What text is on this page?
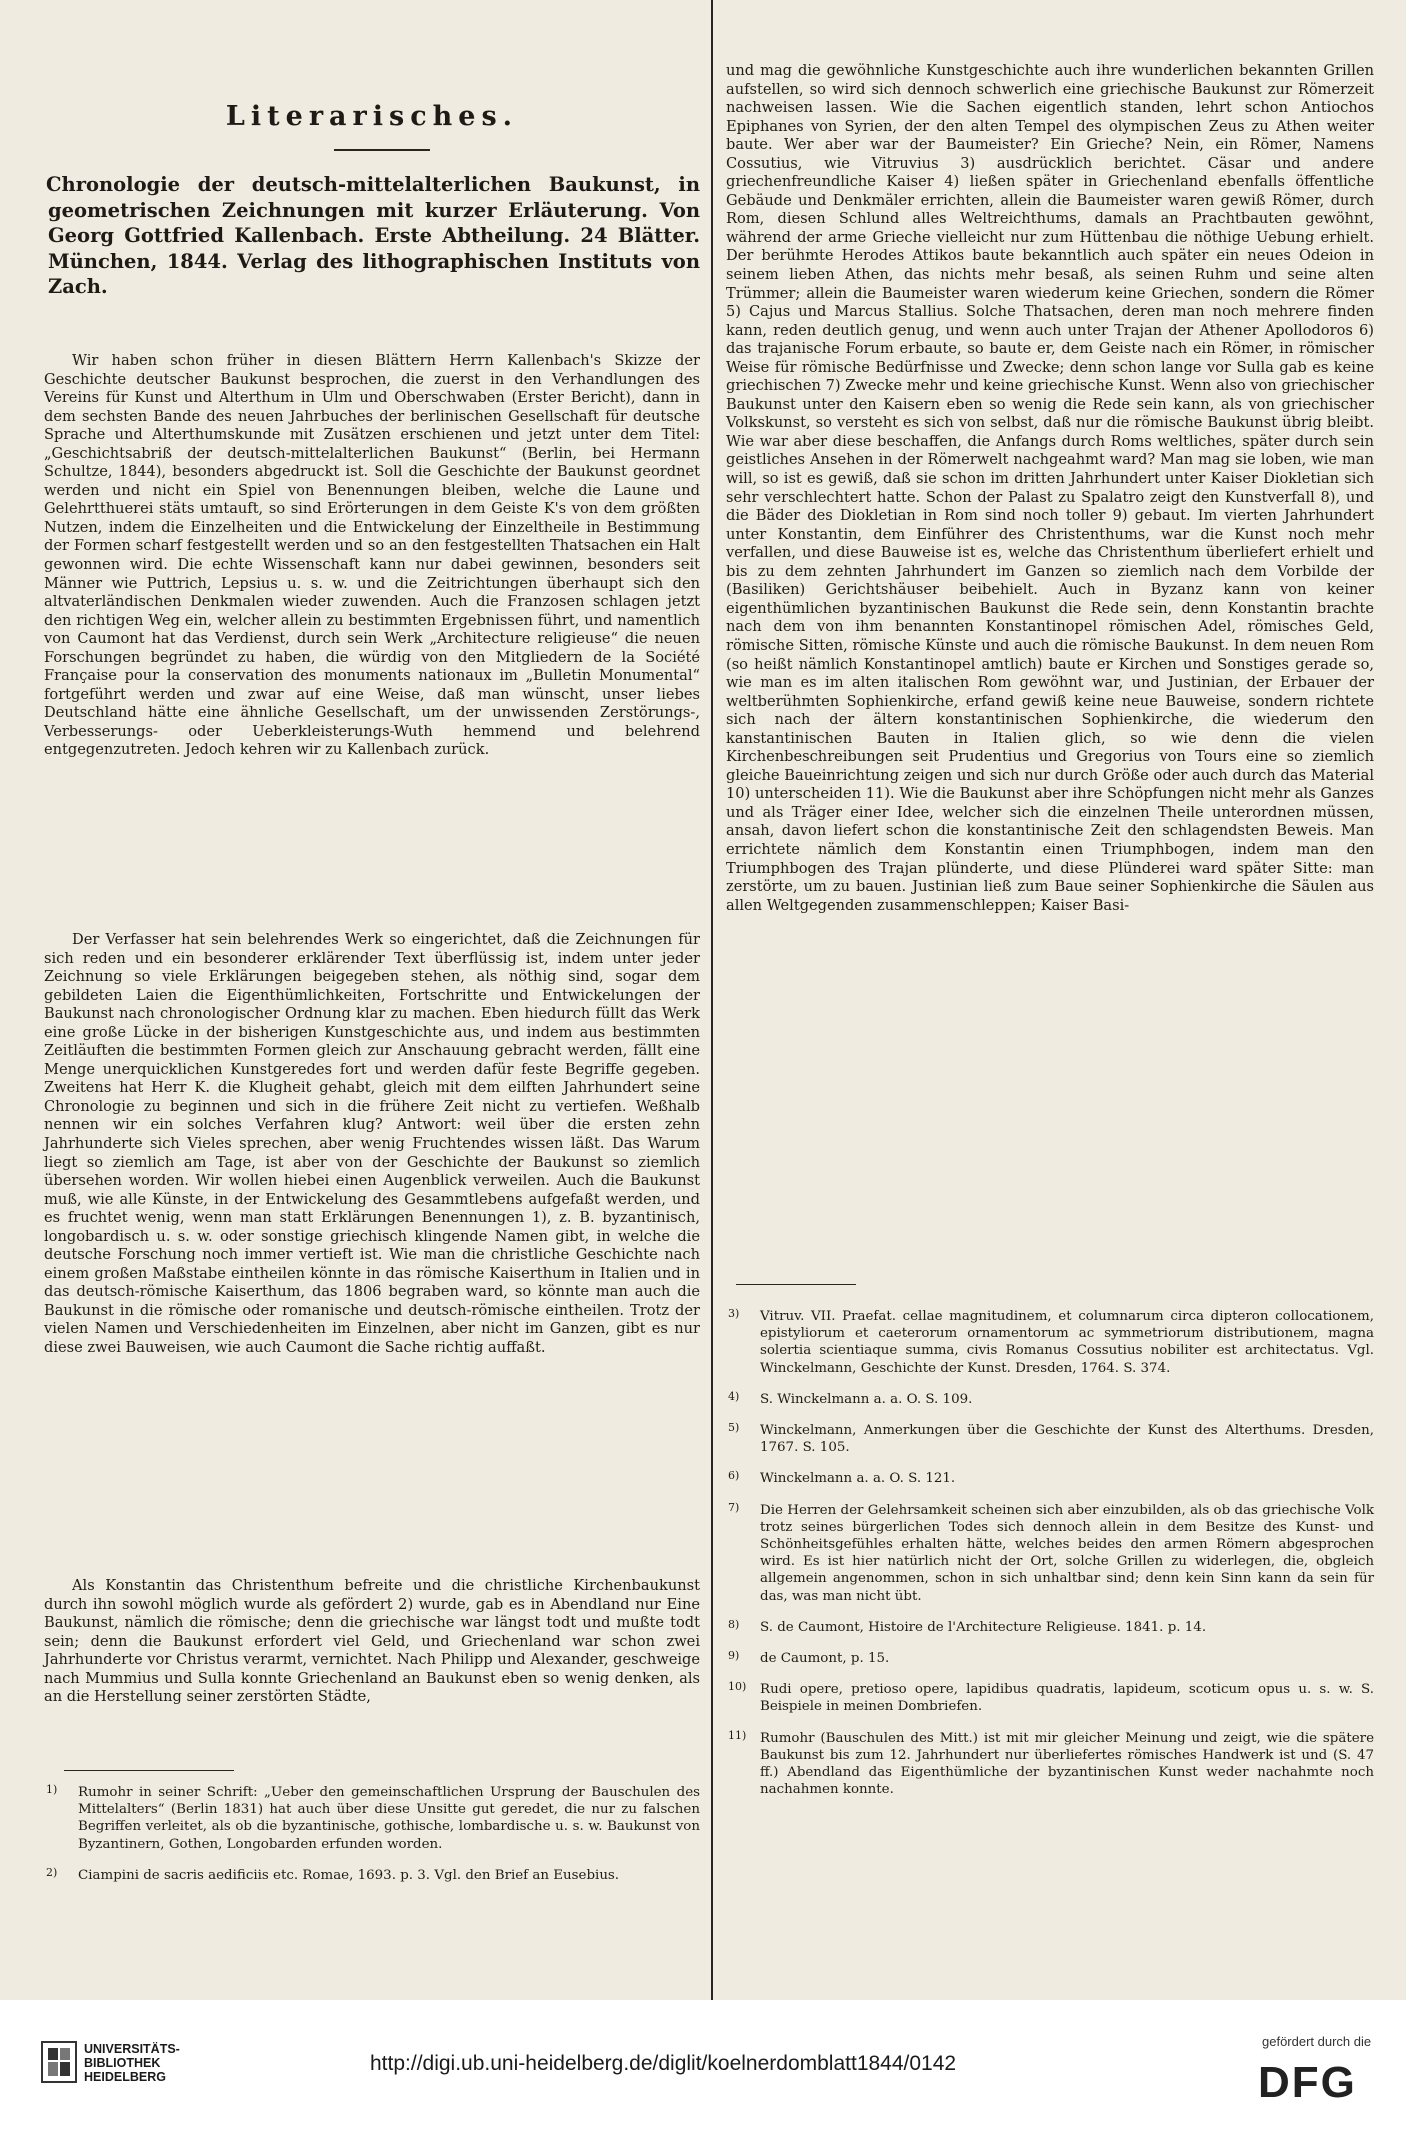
Literarisches.
Chronologie der deutsch-mittelalterlichen Baukunst, in geometrischen Zeichnungen mit kurzer Erläuterung. Von Georg Gottfried Kallenbach. Erste Abtheilung. 24 Blätter. München, 1844. Verlag des lithographischen Instituts von Zach.

Wir haben schon früher in diesen Blättern Herrn Kallenbach's Skizze der Geschichte deutscher Baukunst besprochen, die zuerst in den Verhandlungen des Vereins für Kunst und Alterthum in Ulm und Oberschwaben (Erster Bericht), dann in dem sechsten Bande des neuen Jahrbuches der berlinischen Gesellschaft für deutsche Sprache und Alterthumskunde mit Zusätzen erschienen und jetzt unter dem Titel: „Geschichtsabriß der deutsch-mittelalterlichen Baukunst“ (Berlin, bei Hermann Schultze, 1844), besonders abgedruckt ist. Soll die Geschichte der Baukunst geordnet werden und nicht ein Spiel von Benennungen bleiben, welche die Laune und Gelehrtthuerei stäts umtauft, so sind Erörterungen in dem Geiste K's von dem größten Nutzen, indem die Einzelheiten und die Entwickelung der Einzeltheile in Bestimmung der Formen scharf festgestellt werden und so an den festgestellten Thatsachen ein Halt gewonnen wird. Die echte Wissenschaft kann nur dabei gewinnen, besonders seit Männer wie Puttrich, Lepsius u. s. w. und die Zeitrichtungen überhaupt sich den altvaterländischen Denkmalen wieder zuwenden. Auch die Franzosen schlagen jetzt den richtigen Weg ein, welcher allein zu bestimmten Ergebnissen führt, und namentlich von Caumont hat das Verdienst, durch sein Werk „Architecture religieuse“ die neuen Forschungen begründet zu haben, die würdig von den Mitgliedern de la Société Française pour la conservation des monuments nationaux im „Bulletin Monumental“ fortgeführt werden und zwar auf eine Weise, daß man wünscht, unser liebes Deutschland hätte eine ähnliche Gesellschaft, um der unwissenden Zerstörungs-, Verbesserungs- oder Ueberkleisterungs-Wuth hemmend und belehrend entgegenzutreten. Jedoch kehren wir zu Kallenbach zurück.

Der Verfasser hat sein belehrendes Werk so eingerichtet, daß die Zeichnungen für sich reden und ein besonderer erklärender Text überflüssig ist, indem unter jeder Zeichnung so viele Erklärungen beigegeben stehen, als nöthig sind, sogar dem gebildeten Laien die Eigenthümlichkeiten, Fortschritte und Entwickelungen der Baukunst nach chronologischer Ordnung klar zu machen. Eben hiedurch füllt das Werk eine große Lücke in der bisherigen Kunstgeschichte aus, und indem aus bestimmten Zeitläuften die bestimmten Formen gleich zur Anschauung gebracht werden, fällt eine Menge unerquicklichen Kunstgeredes fort und werden dafür feste Begriffe gegeben. Zweitens hat Herr K. die Klugheit gehabt, gleich mit dem eilften Jahrhundert seine Chronologie zu beginnen und sich in die frühere Zeit nicht zu vertiefen. Weßhalb nennen wir ein solches Verfahren klug? Antwort: weil über die ersten zehn Jahrhunderte sich Vieles sprechen, aber wenig Fruchtendes wissen läßt. Das Warum liegt so ziemlich am Tage, ist aber von der Geschichte der Baukunst so ziemlich übersehen worden. Wir wollen hiebei einen Augenblick verweilen. Auch die Baukunst muß, wie alle Künste, in der Entwickelung des Gesammtlebens aufgefaßt werden, und es fruchtet wenig, wenn man statt Erklärungen Benennungen 1), z. B. byzantinisch, longobardisch u. s. w. oder sonstige griechisch klingende Namen gibt, in welche die deutsche Forschung noch immer vertieft ist. Wie man die christliche Geschichte nach einem großen Maßstabe eintheilen könnte in das römische Kaiserthum in Italien und in das deutsch-römische Kaiserthum, das 1806 begraben ward, so könnte man auch die Baukunst in die römische oder romanische und deutsch-römische eintheilen. Trotz der vielen Namen und Verschiedenheiten im Einzelnen, aber nicht im Ganzen, gibt es nur diese zwei Bauweisen, wie auch Caumont die Sache richtig auffaßt.

Als Konstantin das Christenthum befreite und die christliche Kirchenbaukunst durch ihn sowohl möglich wurde als gefördert 2) wurde, gab es in Abendland nur Eine Baukunst, nämlich die römische; denn die griechische war längst todt und mußte todt sein; denn die Baukunst erfordert viel Geld, und Griechenland war schon zwei Jahrhunderte vor Christus verarmt, vernichtet. Nach Philipp und Alexander, geschweige nach Mummius und Sulla konnte Griechenland an Baukunst eben so wenig denken, als an die Herstellung seiner zerstörten Städte,

1) Rumohr in seiner Schrift: „Ueber den gemeinschaftlichen Ursprung der Bauschulen des Mittelalters“ (Berlin 1831) hat auch über diese Unsitte gut geredet, die nur zu falschen Begriffen verleitet, als ob die byzantinische, gothische, lombardische u. s. w. Baukunst von Byzantinern, Gothen, Longobarden erfunden worden.

2) Ciampini de sacris aedificiis etc. Romae, 1693. p. 3. Vgl. den Brief an Eusebius.

und mag die gewöhnliche Kunstgeschichte auch ihre wunderlichen bekannten Grillen aufstellen, so wird sich dennoch schwerlich eine griechische Baukunst zur Römerzeit nachweisen lassen. Wie die Sachen eigentlich standen, lehrt schon Antiochos Epiphanes von Syrien, der den alten Tempel des olympischen Zeus zu Athen weiter baute. Wer aber war der Baumeister? Ein Grieche? Nein, ein Römer, Namens Cossutius, wie Vitruvius 3) ausdrücklich berichtet. Cäsar und andere griechenfreundliche Kaiser 4) ließen später in Griechenland ebenfalls öffentliche Gebäude und Denkmäler errichten, allein die Baumeister waren gewiß Römer, durch Rom, diesen Schlund alles Weltreichthums, damals an Prachtbauten gewöhnt, während der arme Grieche vielleicht nur zum Hüttenbau die nöthige Uebung erhielt. Der berühmte Herodes Attikos baute bekanntlich auch später ein neues Odeion in seinem lieben Athen, das nichts mehr besaß, als seinen Ruhm und seine alten Trümmer; allein die Baumeister waren wiederum keine Griechen, sondern die Römer 5) Cajus und Marcus Stallius. Solche Thatsachen, deren man noch mehrere finden kann, reden deutlich genug, und wenn auch unter Trajan der Athener Apollodoros 6) das trajanische Forum erbaute, so baute er, dem Geiste nach ein Römer, in römischer Weise für römische Bedürfnisse und Zwecke; denn schon lange vor Sulla gab es keine griechischen 7) Zwecke mehr und keine griechische Kunst. Wenn also von griechischer Baukunst unter den Kaisern eben so wenig die Rede sein kann, als von griechischer Volkskunst, so versteht es sich von selbst, daß nur die römische Baukunst übrig bleibt. Wie war aber diese beschaffen, die Anfangs durch Roms weltliches, später durch sein geistliches Ansehen in der Römerwelt nachgeahmt ward? Man mag sie loben, wie man will, so ist es gewiß, daß sie schon im dritten Jahrhundert unter Kaiser Diokletian sich sehr verschlechtert hatte. Schon der Palast zu Spalatro zeigt den Kunstverfall 8), und die Bäder des Diokletian in Rom sind noch toller 9) gebaut. Im vierten Jahrhundert unter Konstantin, dem Einführer des Christenthums, war die Kunst noch mehr verfallen, und diese Bauweise ist es, welche das Christenthum überliefert erhielt und bis zu dem zehnten Jahrhundert im Ganzen so ziemlich nach dem Vorbilde der (Basiliken) Gerichtshäuser beibehielt. Auch in Byzanz kann von keiner eigenthümlichen byzantinischen Baukunst die Rede sein, denn Konstantin brachte nach dem von ihm benannten Konstantinopel römischen Adel, römisches Geld, römische Sitten, römische Künste und auch die römische Baukunst. In dem neuen Rom (so heißt nämlich Konstantinopel amtlich) baute er Kirchen und Sonstiges gerade so, wie man es im alten italischen Rom gewöhnt war, und Justinian, der Erbauer der weltberühmten Sophienkirche, erfand gewiß keine neue Bauweise, sondern richtete sich nach der ältern konstantinischen Sophienkirche, die wiederum den kanstantinischen Bauten in Italien glich, so wie denn die vielen Kirchenbeschreibungen seit Prudentius und Gregorius von Tours eine so ziemlich gleiche Baueinrichtung zeigen und sich nur durch Größe oder auch durch das Material 10) unterscheiden 11). Wie die Baukunst aber ihre Schöpfungen nicht mehr als Ganzes und als Träger einer Idee, welcher sich die einzelnen Theile unterordnen müssen, ansah, davon liefert schon die konstantinische Zeit den schlagendsten Beweis. Man errichtete nämlich dem Konstantin einen Triumphbogen, indem man den Triumphbogen des Trajan plünderte, und diese Plünderei ward später Sitte: man zerstörte, um zu bauen. Justinian ließ zum Baue seiner Sophienkirche die Säulen aus allen Weltgegenden zusammenschleppen; Kaiser Basi-

3) Vitruv. VII. Praefat. cellae magnitudinem, et columnarum circa dipteron collocationem, epistyliorum et caeterorum ornamentorum ac symmetriorum distributionem, magna solertia scientiaque summa, civis Romanus Cossutius nobiliter est architectatus. Vgl. Winckelmann, Geschichte der Kunst. Dresden, 1764. S. 374.

4) S. Winckelmann a. a. O. S. 109.

5) Winckelmann, Anmerkungen über die Geschichte der Kunst des Alterthums. Dresden, 1767. S. 105.

6) Winckelmann a. a. O. S. 121.

7) Die Herren der Gelehrsamkeit scheinen sich aber einzubilden, als ob das griechische Volk trotz seines bürgerlichen Todes sich dennoch allein in dem Besitze des Kunst- und Schönheitsgefühles erhalten hätte, welches beides den armen Römern abgesprochen wird. Es ist hier natürlich nicht der Ort, solche Grillen zu widerlegen, die, obgleich allgemein angenommen, schon in sich unhaltbar sind; denn kein Sinn kann da sein für das, was man nicht übt.

8) S. de Caumont, Histoire de l'Architecture Religieuse. 1841. p. 14.

9) de Caumont, p. 15.

10) Rudi opere, pretioso opere, lapidibus quadratis, lapideum, scoticum opus u. s. w. S. Beispiele in meinen Dombriefen.

11) Rumohr (Bauschulen des Mitt.) ist mit mir gleicher Meinung und zeigt, wie die spätere Baukunst bis zum 12. Jahrhundert nur überliefertes römisches Handwerk ist und (S. 47 ff.) Abendland das Eigenthümliche der byzantinischen Kunst weder nachahmte noch nachahmen konnte.

UNIVERSITÄTS-
BIBLIOTHEK
HEIDELBERG
http://digi.ub.uni-heidelberg.de/diglit/koelnerdomblatt1844/0142
gefördert durch die
DFG
